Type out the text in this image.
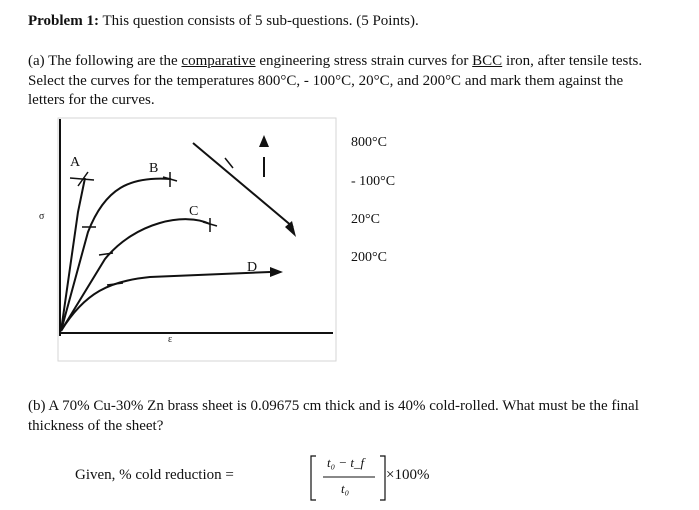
Problem 1: This question consists of 5 sub-questions. (5 Points).

(a) The following are the comparative engineering stress strain curves for BCC iron, after tensile tests. Select the curves for the temperatures 800°C, - 100°C, 20°C, and 200°C and mark them against the letters for the curves.

A	B
C
D
σ
ε
800°C
- 100°C
20°C
200°C

(b) A 70% Cu-30% Zn brass sheet is 0.09675 cm thick and is 40% cold-rolled. What must be the final thickness of the sheet?

Given, % cold reduction =
t₀ − t_f
t₀
×100%
